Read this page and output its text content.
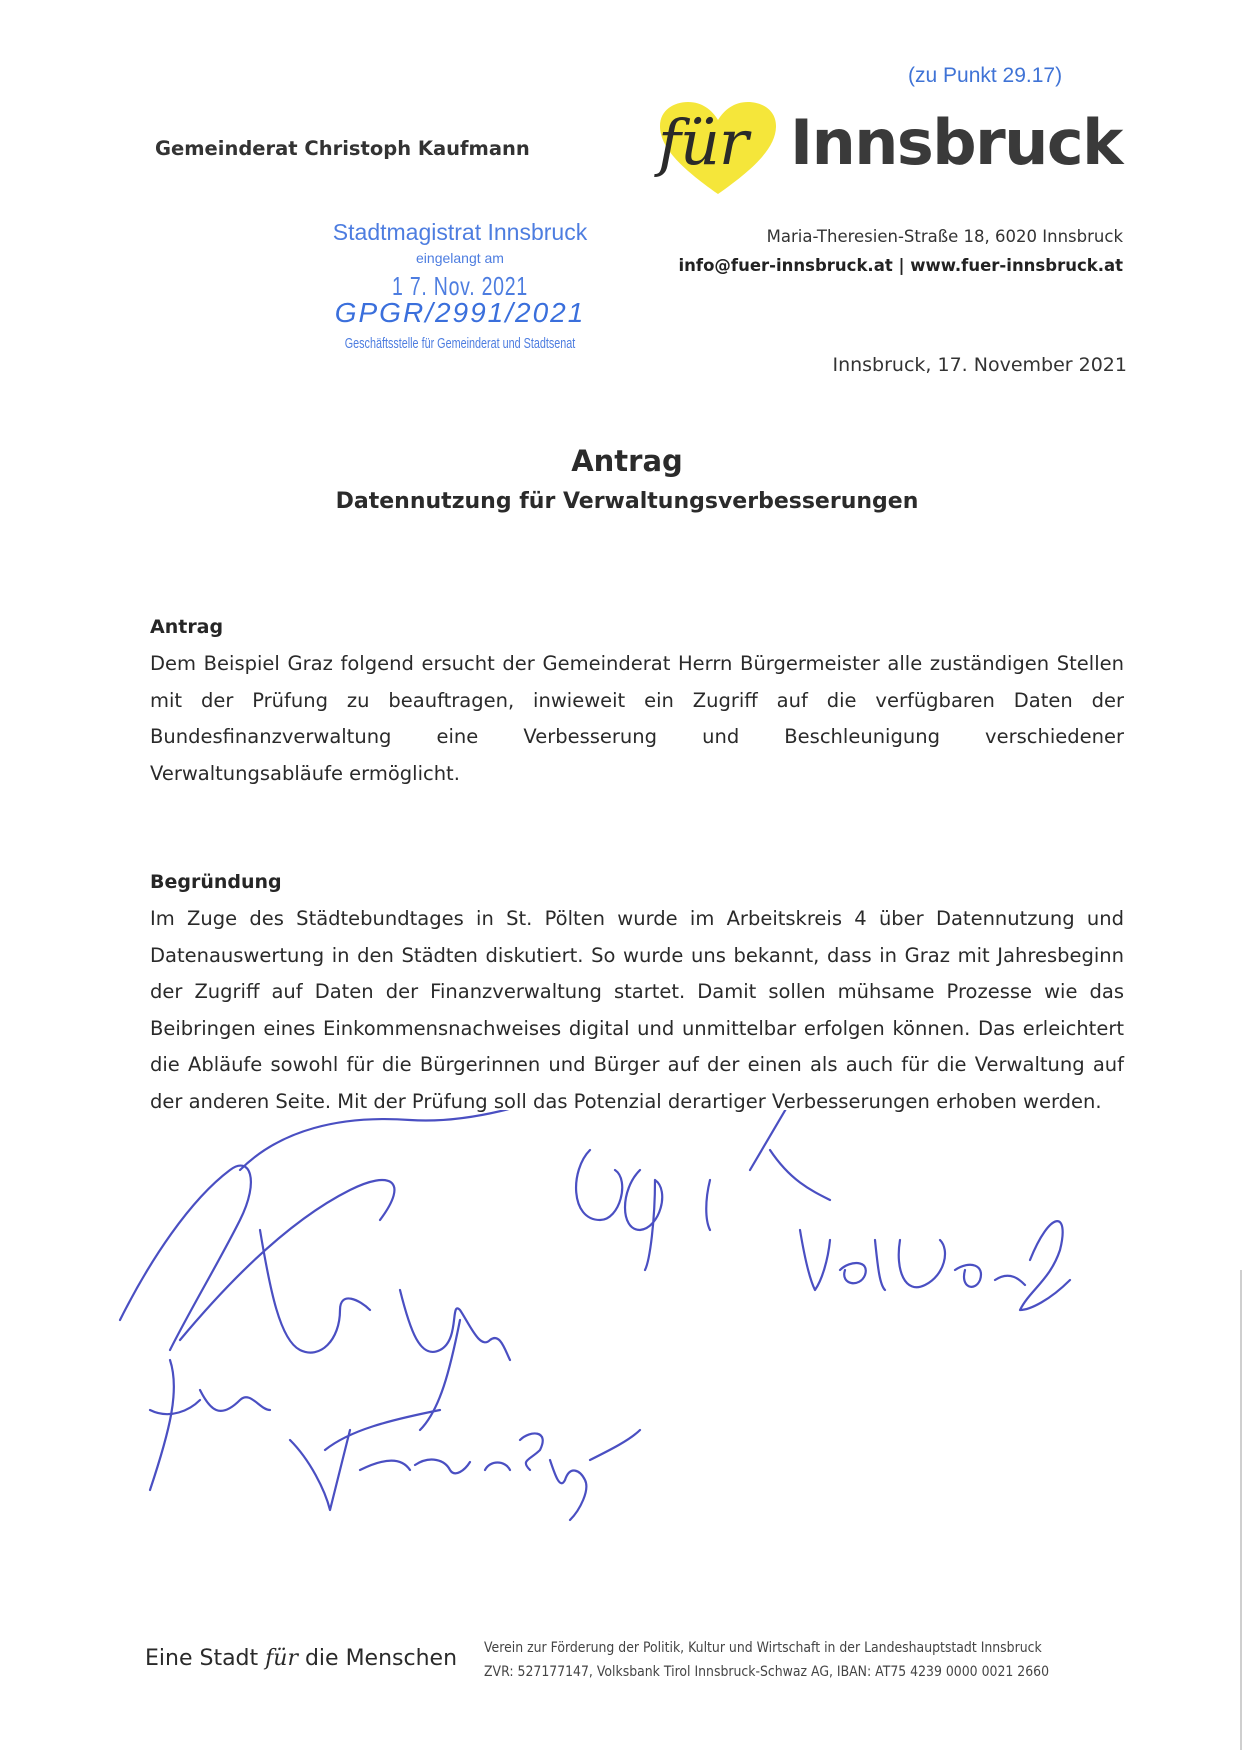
(zu Punkt 29.17)
Gemeinderat Christoph Kaufmann für Innsbruck
Maria-Theresien-Straße 18, 6020 Innsbruck
info@fuer-innsbruck.at | www.fuer-innsbruck.at
Stadtmagistrat Innsbruck
eingelangt am
1 7. Nov. 2021
GPGR/2991/2021
Geschäftsstelle für Gemeinderat und Stadtsenat
Innsbruck, 17. November 2021
Antrag
Datennutzung für Verwaltungsverbesserungen
Antrag
Dem Beispiel Graz folgend ersucht der Gemeinderat Herrn Bürgermeister alle zuständigen Stellen mit der Prüfung zu beauftragen, inwieweit ein Zugriff auf die verfügbaren Daten der Bundesfinanzverwaltung eine Verbesserung und Beschleunigung verschiedener Verwaltungsabläufe ermöglicht.
Begründung
Im Zuge des Städtebundtages in St. Pölten wurde im Arbeitskreis 4 über Datennutzung und Datenauswertung in den Städten diskutiert. So wurde uns bekannt, dass in Graz mit Jahresbeginn der Zugriff auf Daten der Finanzverwaltung startet. Damit sollen mühsame Prozesse wie das Beibringen eines Einkommensnachweises digital und unmittelbar erfolgen können. Das erleichtert die Abläufe sowohl für die Bürgerinnen und Bürger auf der einen als auch für die Verwaltung auf der anderen Seite. Mit der Prüfung soll das Potenzial derartiger Verbesserungen erhoben werden.
Eine Stadt für die Menschen Verein zur Förderung der Politik, Kultur und Wirtschaft in der Landeshauptstadt Innsbruck
ZVR: 527177147, Volksbank Tirol Innsbruck-Schwaz AG, IBAN: AT75 4239 0000 0021 2660
